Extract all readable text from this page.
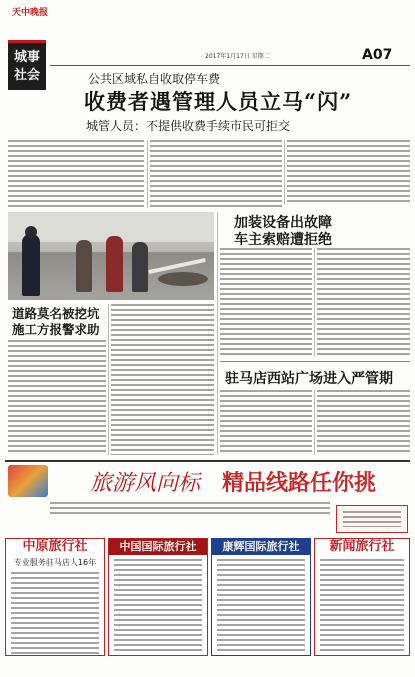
天中晚报
城事
社会
2017年1月17日 星期二	A07
公共区域私自收取停车费
收费者遇管理人员立马“闪”
城管人员：不提供收费手续市民可拒交
加装设备出故障
车主索赔遭拒绝
道路莫名被挖坑
施工方报警求助
驻马店西站广场进入严管期
旅游风向标 精品线路任你挑
中原旅行社
专业服务驻马店人16年
中国国际旅行社	康辉国际旅行社	新闻旅行社
